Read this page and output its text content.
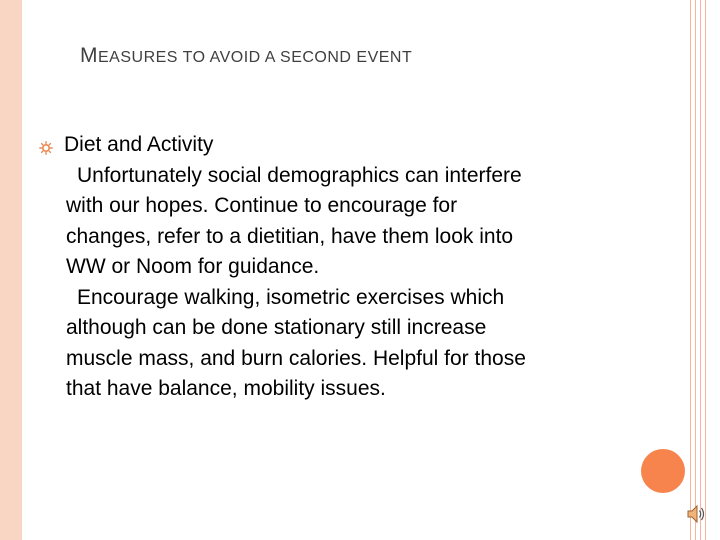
MEASURES TO AVOID A SECOND EVENT

Diet and Activity

Unfortunately social demographics can interfere

with our hopes. Continue to encourage for

changes, refer to a dietitian, have them look into

WW or Noom for guidance.

Encourage walking, isometric exercises which

although can be done stationary still increase

muscle mass, and burn calories. Helpful for those

that have balance, mobility issues.
